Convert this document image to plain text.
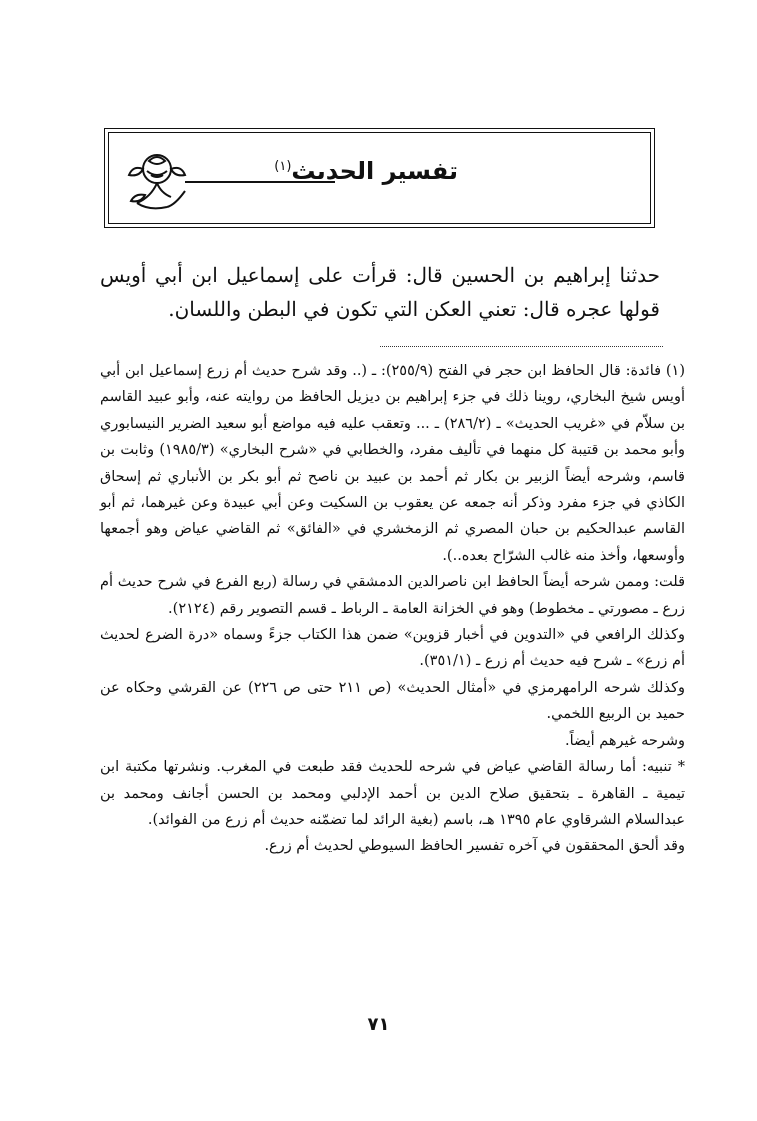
تفسير الحديث$^{(١)}$

حدثنا إبراهيم بن الحسين قال: قرأت على إسماعيل ابن أبي أويس قولها عجره قال: تعني العكن التي تكون في البطن واللسان.

(١) فائدة: قال الحافظ ابن حجر في الفتح (٢٥٥/٩): ـ (.. وقد شرح حديث أم زرع إسماعيل ابن أبي أويس شيخ البخاري، روينا ذلك في جزء إبراهيم بن ديزيل الحافظ من روايته عنه، وأبو عبيد القاسم بن سلاّم في «غريب الحديث» ـ (٢٨٦/٢) ـ ... وتعقب عليه فيه مواضع أبو سعيد الضرير النيسابوري وأبو محمد بن قتيبة كل منهما في تأليف مفرد، والخطابي في «شرح البخاري» (١٩٨٥/٣) وثابت بن قاسم، وشرحه أيضاً الزبير بن بكار ثم أحمد بن عبيد بن ناصح ثم أبو بكر بن الأنباري ثم إسحاق الكاذي في جزء مفرد وذكر أنه جمعه عن يعقوب بن السكيت وعن أبي عبيدة وعن غيرهما، ثم أبو القاسم عبدالحكيم بن حبان المصري ثم الزمخشري في «الفائق» ثم القاضي عياض وهو أجمعها وأوسعها، وأخذ منه غالب الشرّاح بعده..).

قلت: وممن شرحه أيضاً الحافظ ابن ناصرالدين الدمشقي في رسالة (ربع الفرع في شرح حديث أم زرع ـ مصورتي ـ مخطوط) وهو في الخزانة العامة ـ الرباط ـ قسم التصوير رقم (٢١٢٤).

وكذلك الرافعي في «التدوين في أخبار قزوين» ضمن هذا الكتاب جزءً وسماه «درة الضرع لحديث أم زرع» ـ شرح فيه حديث أم زرع ـ (٣٥١/١).

وكذلك شرحه الرامهرمزي في «أمثال الحديث» (ص ٢١١ حتى ص ٢٢٦) عن القرشي وحكاه عن حميد بن الربيع اللخمي.

وشرحه غيرهم أيضاً.

* تنبيه: أما رسالة القاضي عياض في شرحه للحديث فقد طبعت في المغرب. ونشرتها مكتبة ابن تيمية ـ القاهرة ـ بتحقيق صلاح الدين بن أحمد الإدلبي ومحمد بن الحسن أجانف ومحمد بن عبدالسلام الشرقاوي عام ١٣٩٥ هـ، باسم (بغية الرائد لما تضمّنه حديث أم زرع من الفوائد).

وقد ألحق المحققون في آخره تفسير الحافظ السيوطي لحديث أم زرع.

٧١
